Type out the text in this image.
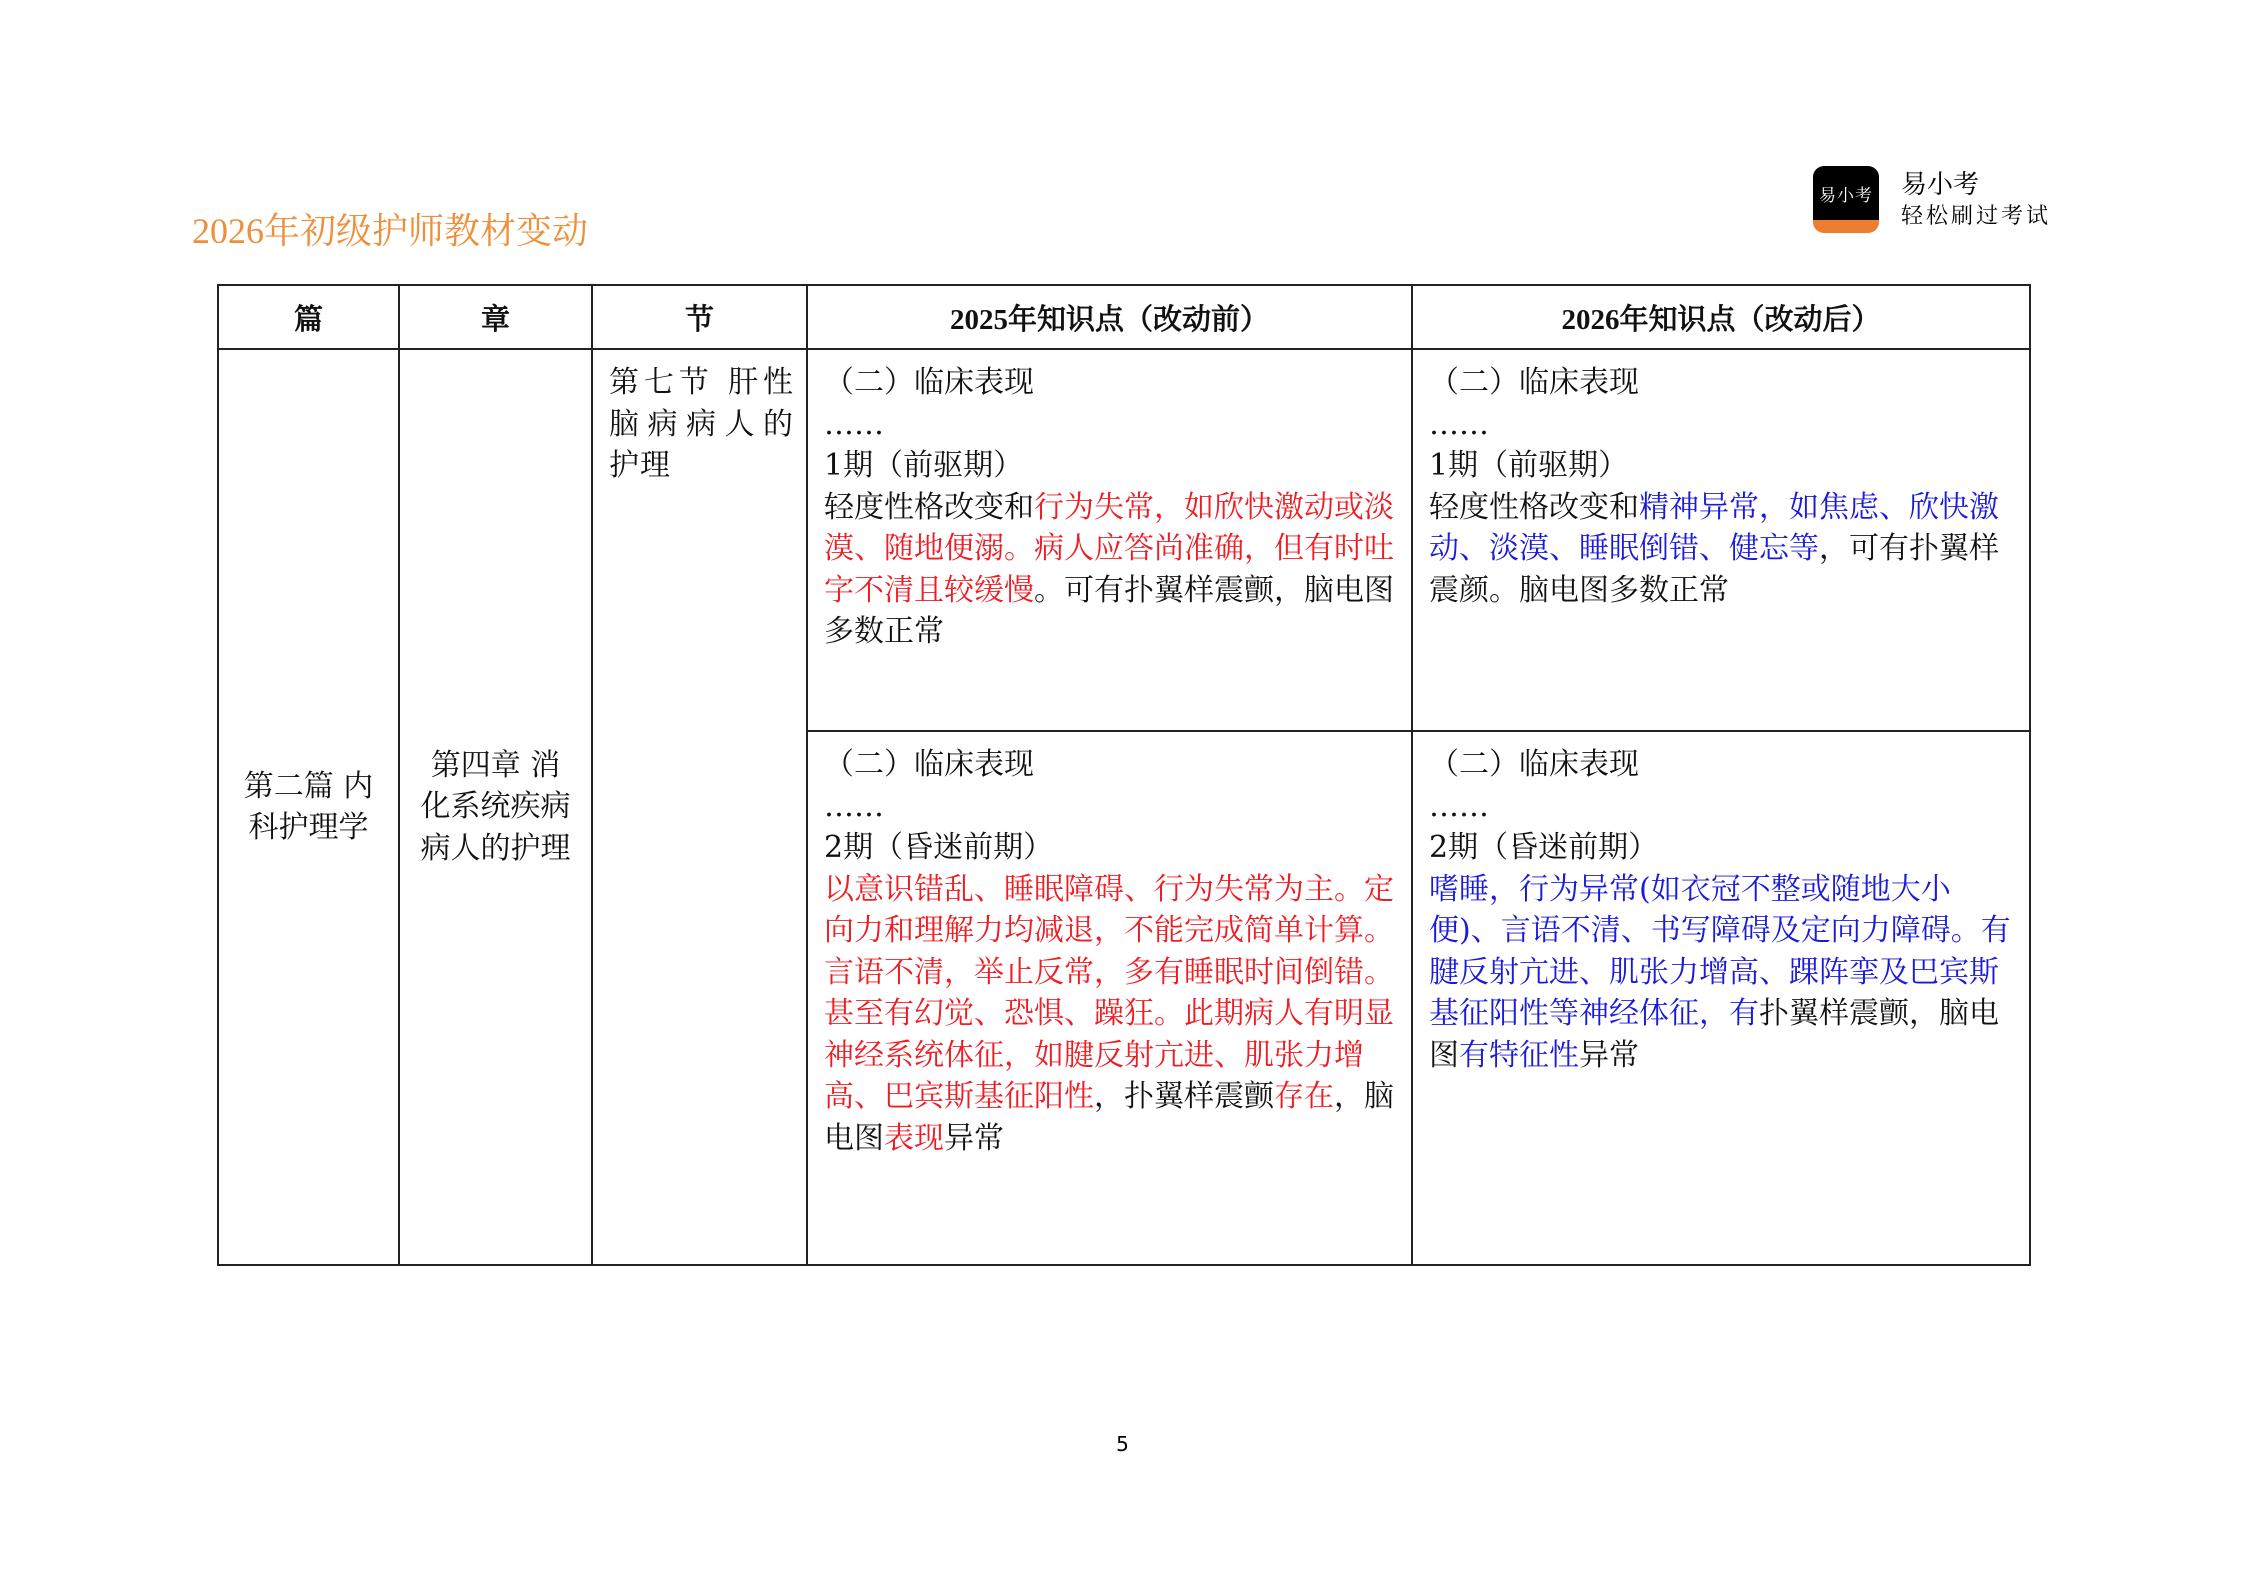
2026年初级护师教材变动
易小考 易小考
轻松刷过考试
篇	章	节	2025年知识点（改动前）	2026年知识点（改动后）
第二篇 内科护理学	第四章 消化系统疾病病人的护理	第七节 肝性脑病病人的护理	（二）临床表现
……
1期（前驱期）
轻度性格改变和行为失常，如欣快激动或淡漠、随地便溺。病人应答尚准确，但有时吐字不清且较缓慢。可有扑翼样震颤，脑电图多数正常	（二）临床表现
……
1期（前驱期）
轻度性格改变和精神异常，如焦虑、欣快激动、淡漠、睡眠倒错、健忘等，可有扑翼样震颜。脑电图多数正常

			（二）临床表现
……
2期（昏迷前期）
以意识错乱、睡眠障碍、行为失常为主。定向力和理解力均减退，不能完成简单计算。言语不清，举止反常，多有睡眠时间倒错。甚至有幻觉、恐惧、躁狂。此期病人有明显神经系统体征，如腱反射亢进、肌张力增高、巴宾斯基征阳性，扑翼样震颤存在，脑电图表现异常	（二）临床表现
……
2期（昏迷前期）
嗜睡，行为异常(如衣冠不整或随地大小便)、言语不清、书写障碍及定向力障碍。有腱反射亢进、肌张力增高、踝阵挛及巴宾斯基征阳性等神经体征，有扑翼样震颤，脑电图有特征性异常
5
